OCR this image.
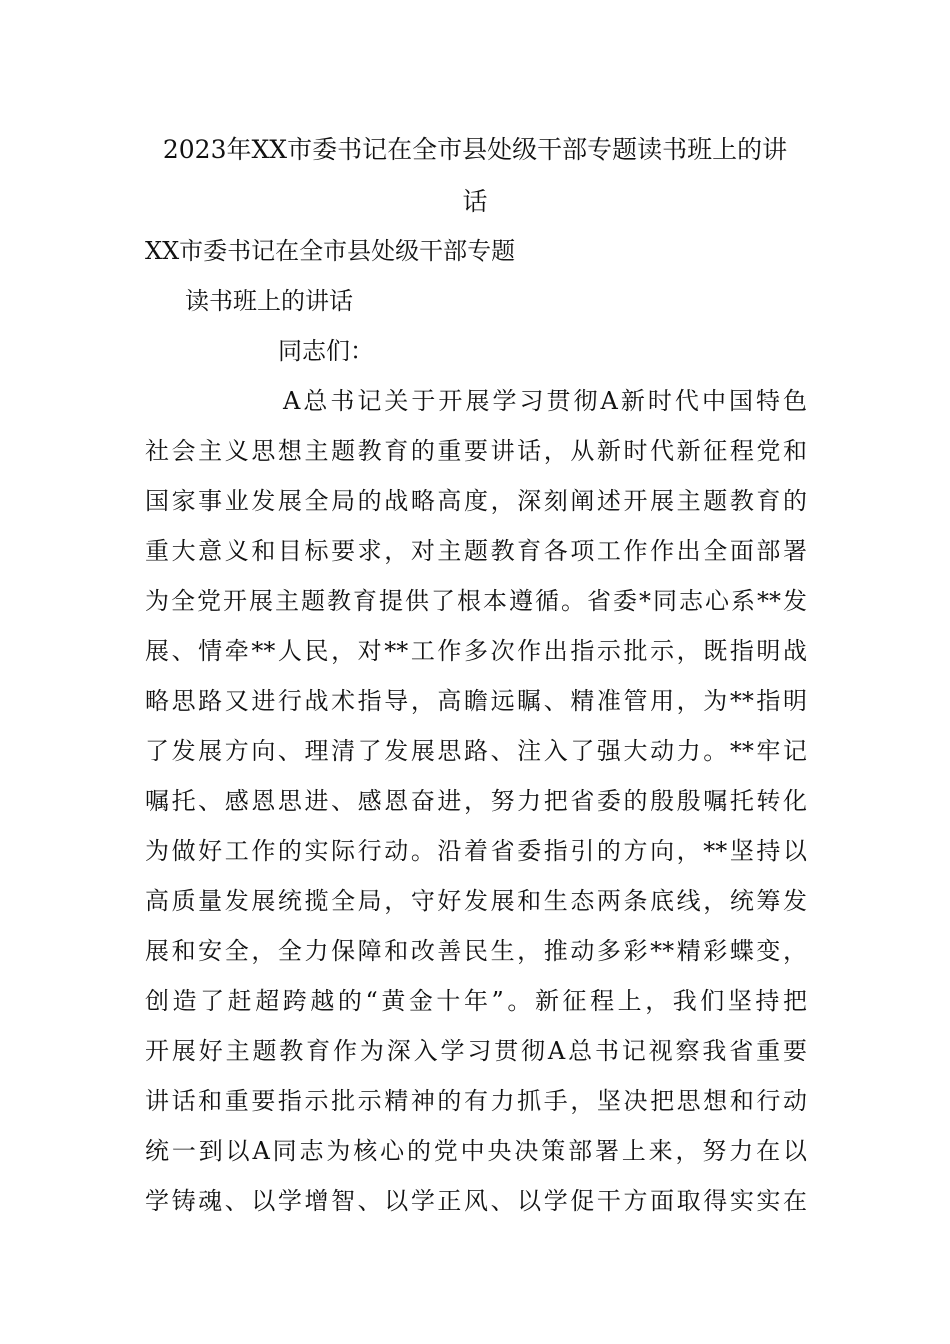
2023年XX市委书记在全市县处级干部专题读书班上的讲
话
XX市委书记在全市县处级干部专题
读书班上的讲话
同志们：
A总书记关于开展学习贯彻A新时代中国特色
社会主义思想主题教育的重要讲话，从新时代新征程党和
国家事业发展全局的战略高度，深刻阐述开展主题教育的
重大意义和目标要求，对主题教育各项工作作出全面部署
为全党开展主题教育提供了根本遵循。省委*同志心系**发
展、情牵**人民，对**工作多次作出指示批示，既指明战
略思路又进行战术指导，高瞻远瞩、精准管用，为**指明
了发展方向、理清了发展思路、注入了强大动力。**牢记
嘱托、感恩思进、感恩奋进，努力把省委的殷殷嘱托转化
为做好工作的实际行动。沿着省委指引的方向，**坚持以
高质量发展统揽全局，守好发展和生态两条底线，统筹发
展和安全，全力保障和改善民生，推动多彩**精彩蝶变，
创造了赶超跨越的“黄金十年”。新征程上，我们坚持把
开展好主题教育作为深入学习贯彻A总书记视察我省重要
讲话和重要指示批示精神的有力抓手，坚决把思想和行动
统一到以A同志为核心的党中央决策部署上来，努力在以
学铸魂、以学增智、以学正风、以学促干方面取得实实在
